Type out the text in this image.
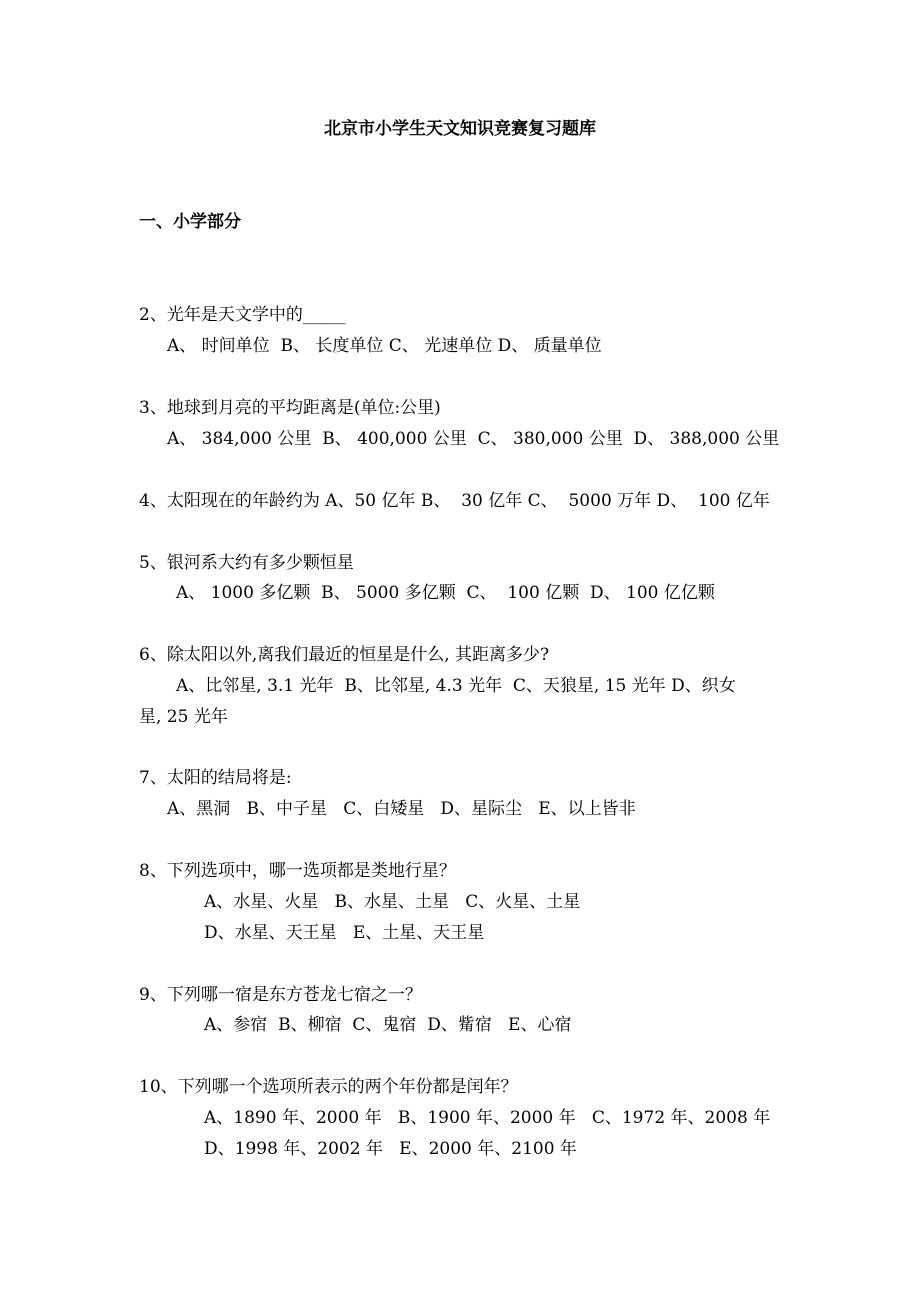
北京市小学生天文知识竞赛复习题库
一、小学部分
2、光年是天文学中的_____
A、 时间单位  B、 长度单位 C、 光速单位 D、 质量单位
3、地球到月亮的平均距离是(单位:公里)
A、 384,000 公里  B、 400,000 公里  C、 380,000 公里  D、 388,000 公里
4、太阳现在的年龄约为 A、50 亿年 B、  30 亿年 C、  5000 万年 D、  100 亿年
5、银河系大约有多少颗恒星
A、 1000 多亿颗  B、 5000 多亿颗  C、  100 亿颗  D、 100 亿亿颗
6、除太阳以外,离我们最近的恒星是什么, 其距离多少?
A、比邻星, 3.1 光年  B、比邻星, 4.3 光年  C、天狼星, 15 光年 D、织女
星, 25 光年
7、太阳的结局将是:
A、黑洞   B、中子星   C、白矮星   D、星际尘   E、以上皆非
8、下列选项中，哪一选项都是类地行星？
A、水星、火星   B、水星、土星   C、火星、土星
D、水星、天王星   E、土星、天王星
9、下列哪一宿是东方苍龙七宿之一？
A、参宿  B、柳宿  C、鬼宿  D、觜宿   E、心宿
10、下列哪一个选项所表示的两个年份都是闰年？
A、1890 年、2000 年   B、1900 年、2000 年   C、1972 年、2008 年
D、1998 年、2002 年   E、2000 年、2100 年
